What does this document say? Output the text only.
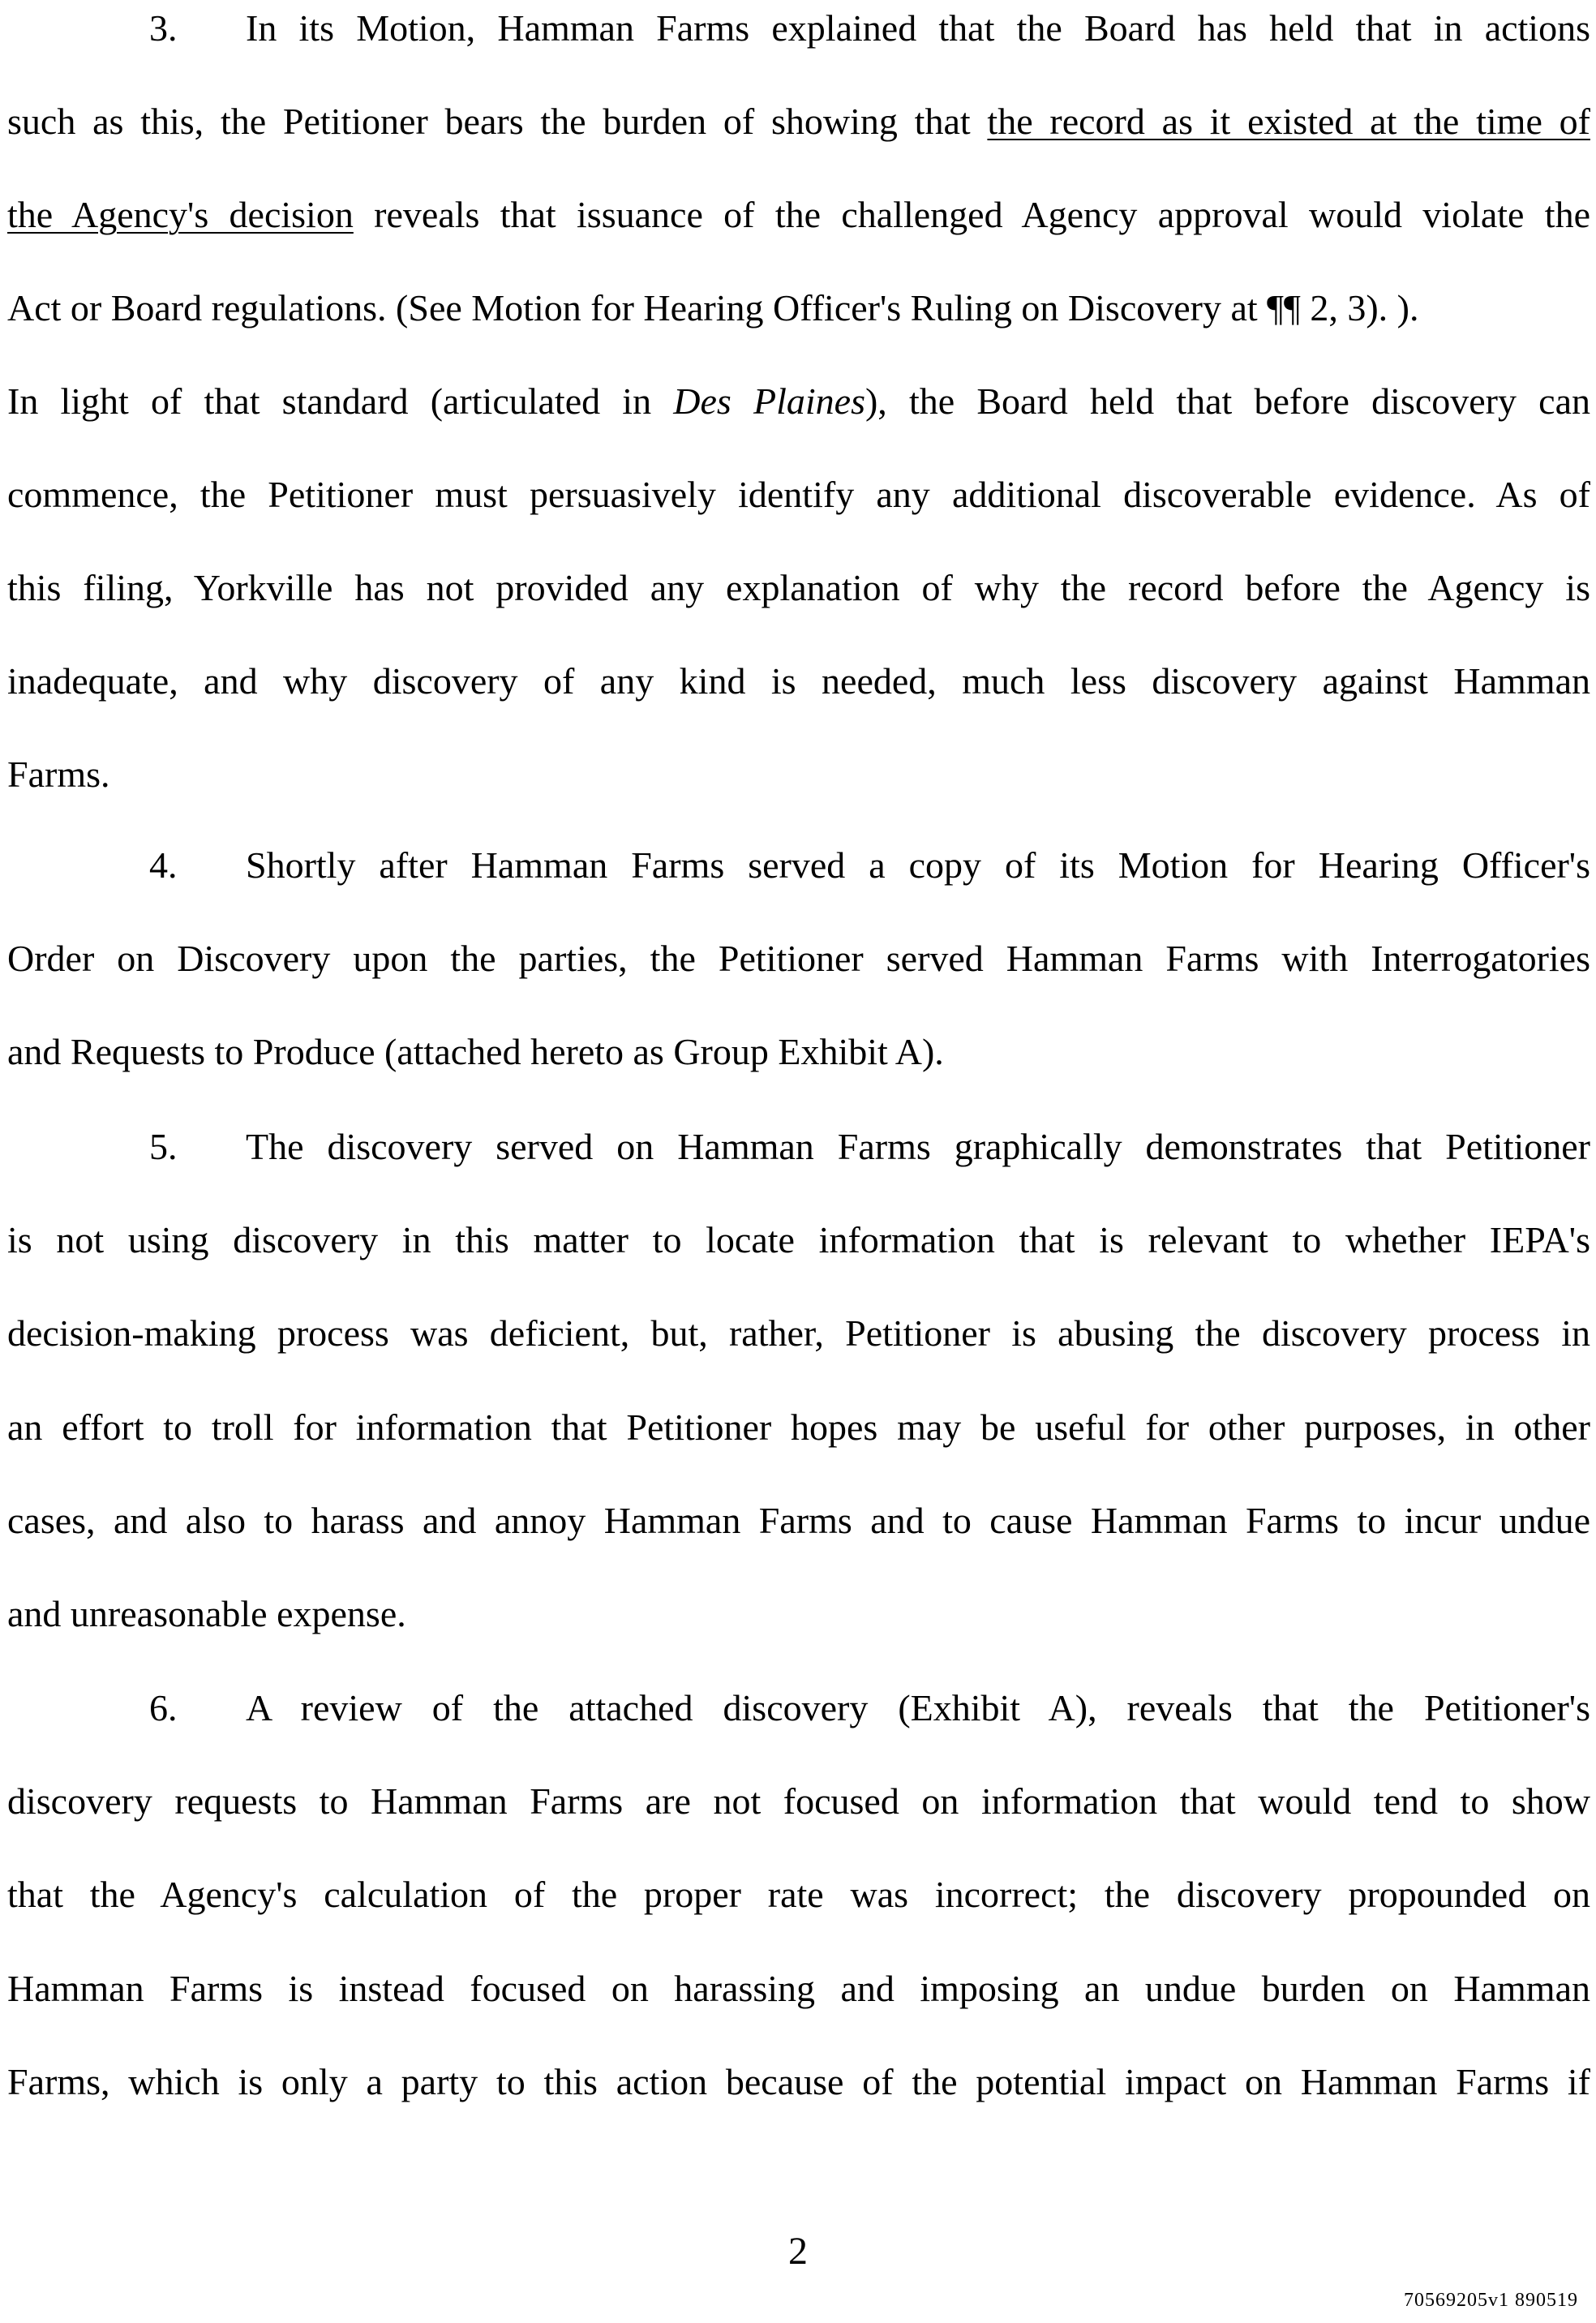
3. In its Motion, Hamman Farms explained that the Board has held that in actions
such as this, the Petitioner bears the burden of showing that the record as it existed at the time of
the Agency's decision reveals that issuance of the challenged Agency approval would violate the
Act or Board regulations. (See Motion for Hearing Officer's Ruling on Discovery at ¶¶ 2, 3). ).
In light of that standard (articulated in Des Plaines), the Board held that before discovery can
commence, the Petitioner must persuasively identify any additional discoverable evidence. As of
this filing, Yorkville has not provided any explanation of why the record before the Agency is
inadequate, and why discovery of any kind is needed, much less discovery against Hamman
Farms.
4. Shortly after Hamman Farms served a copy of its Motion for Hearing Officer's
Order on Discovery upon the parties, the Petitioner served Hamman Farms with Interrogatories
and Requests to Produce (attached hereto as Group Exhibit A).
5. The discovery served on Hamman Farms graphically demonstrates that Petitioner
is not using discovery in this matter to locate information that is relevant to whether IEPA's
decision-making process was deficient, but, rather, Petitioner is abusing the discovery process in
an effort to troll for information that Petitioner hopes may be useful for other purposes, in other
cases, and also to harass and annoy Hamman Farms and to cause Hamman Farms to incur undue
and unreasonable expense.
6. A review of the attached discovery (Exhibit A), reveals that the Petitioner's
discovery requests to Hamman Farms are not focused on information that would tend to show
that the Agency's calculation of the proper rate was incorrect; the discovery propounded on
Hamman Farms is instead focused on harassing and imposing an undue burden on Hamman
Farms, which is only a party to this action because of the potential impact on Hamman Farms if
2
70569205v1 890519
